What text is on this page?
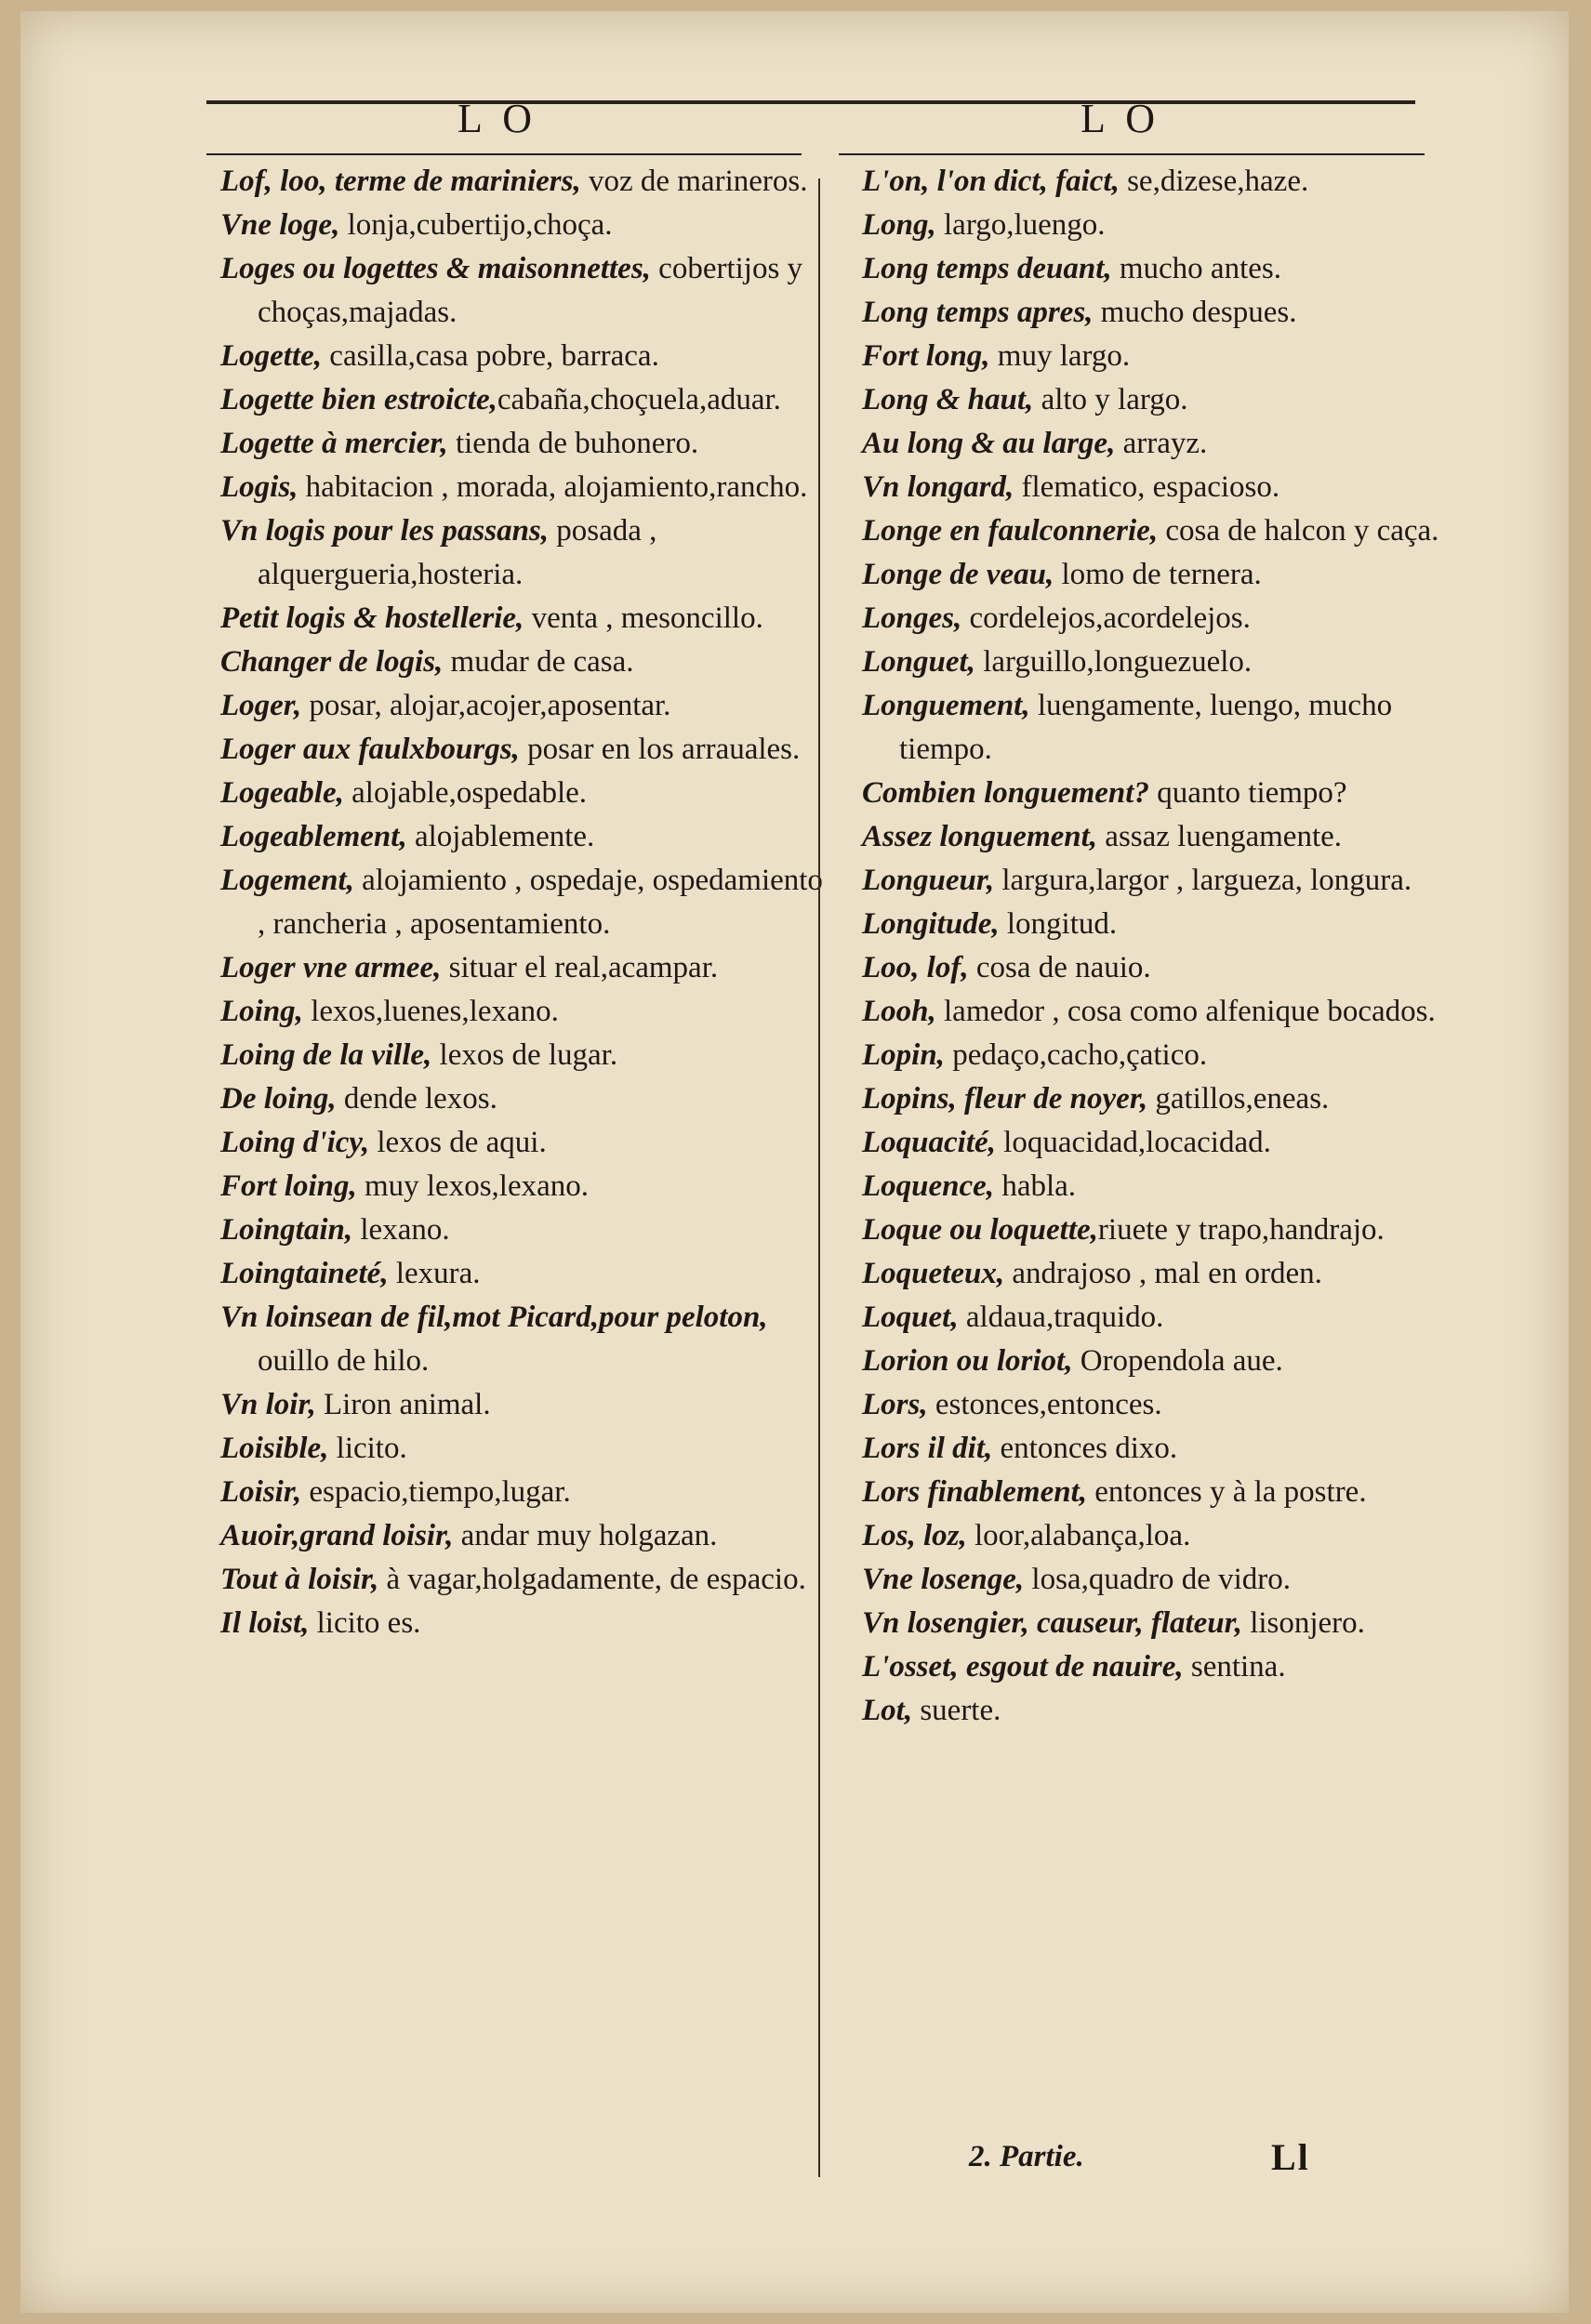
L O	L O

Lof, loo, terme de mariniers, voz de marineros.

Vne loge, lonja,cubertijo,choça.

Loges ou logettes & maisonnettes, cobertijos y choças,majadas.

Logette, casilla,casa pobre, barraca.

Logette bien estroicte,cabaña,choçuela,aduar.

Logette à mercier, tienda de buhonero.

Logis, habitacion , morada, alojamiento,rancho.

Vn logis pour les passans, posada , alquergueria,hosteria.

Petit logis & hostellerie, venta , mesoncillo.

Changer de logis, mudar de casa.

Loger, posar, alojar,acojer,aposentar.

Loger aux faulxbourgs, posar en los arrauales.

Logeable, alojable,ospedable.

Logeablement, alojablemente.

Logement, alojamiento , ospedaje, ospedamiento , rancheria , aposentamiento.

Loger vne armee, situar el real,acampar.

Loing, lexos,luenes,lexano.

Loing de la ville, lexos de lugar.

De loing, dende lexos.

Loing d'icy, lexos de aqui.

Fort loing, muy lexos,lexano.

Loingtain, lexano.

Loingtaineté, lexura.

Vn loinsean de fil,mot Picard,pour peloton, ouillo de hilo.

Vn loir, Liron animal.

Loisible, licito.

Loisir, espacio,tiempo,lugar.

Auoir,grand loisir, andar muy holgazan.

Tout à loisir, à vagar,holgadamente, de espacio.

Il loist, licito es.

L'on, l'on dict, faict, se,dizese,haze.

Long, largo,luengo.

Long temps deuant, mucho antes.

Long temps apres, mucho despues.

Fort long, muy largo.

Long & haut, alto y largo.

Au long & au large, arrayz.

Vn longard, flematico, espacioso.

Longe en faulconnerie, cosa de halcon y caça.

Longe de veau, lomo de ternera.

Longes, cordelejos,acordelejos.

Longuet, larguillo,longuezuelo.

Longuement, luengamente, luengo, mucho tiempo.

Combien longuement? quanto tiempo?

Assez longuement, assaz luengamente.

Longueur, largura,largor , largueza, longura.

Longitude, longitud.

Loo, lof, cosa de nauio.

Looh, lamedor , cosa como alfenique bocados.

Lopin, pedaço,cacho,çatico.

Lopins, fleur de noyer, gatillos,eneas.

Loquacité, loquacidad,locacidad.

Loquence, habla.

Loque ou loquette,riuete y trapo,handrajo.

Loqueteux, andrajoso , mal en orden.

Loquet, aldaua,traquido.

Lorion ou loriot, Oropendola aue.

Lors, estonces,entonces.

Lors il dit, entonces dixo.

Lors finablement, entonces y à la postre.

Los, loz, loor,alabança,loa.

Vne losenge, losa,quadro de vidro.

Vn losengier, causeur, flateur, lisonjero.

L'osset, esgout de nauire, sentina.

Lot, suerte.

2. Partie.	Ll
